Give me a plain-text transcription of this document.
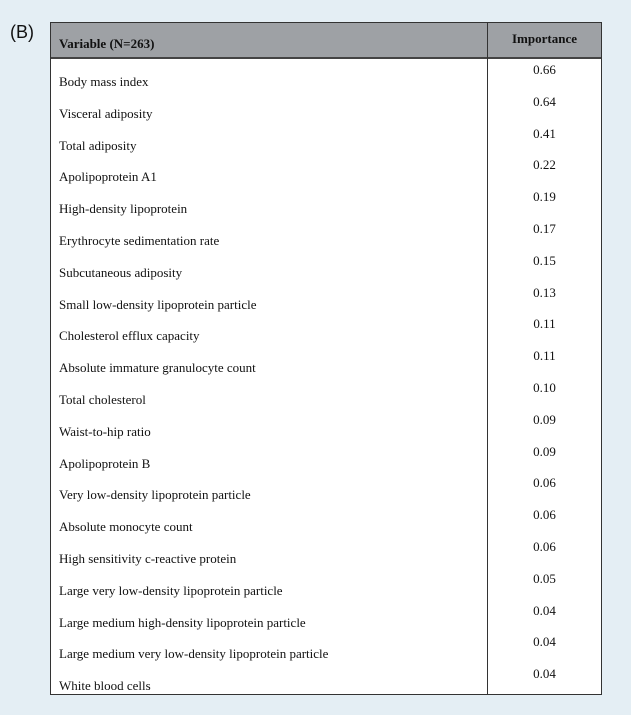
(B)
Variable (N=263)	Importance
Body mass index
0.66
Visceral adiposity
0.64
Total adiposity
0.41
Apolipoprotein A1
0.22
High-density lipoprotein
0.19
Erythrocyte sedimentation rate
0.17
Subcutaneous adiposity
0.15
Small low-density lipoprotein particle
0.13
Cholesterol efflux capacity
0.11
Absolute immature granulocyte count
0.11
Total cholesterol
0.10
Waist-to-hip ratio
0.09
Apolipoprotein B
0.09
Very low-density lipoprotein particle
0.06
Absolute monocyte count
0.06
High sensitivity c-reactive protein
0.06
Large very low-density lipoprotein particle
0.05
Large medium high-density lipoprotein particle
0.04
Large medium very low-density lipoprotein particle
0.04
White blood cells
0.04
